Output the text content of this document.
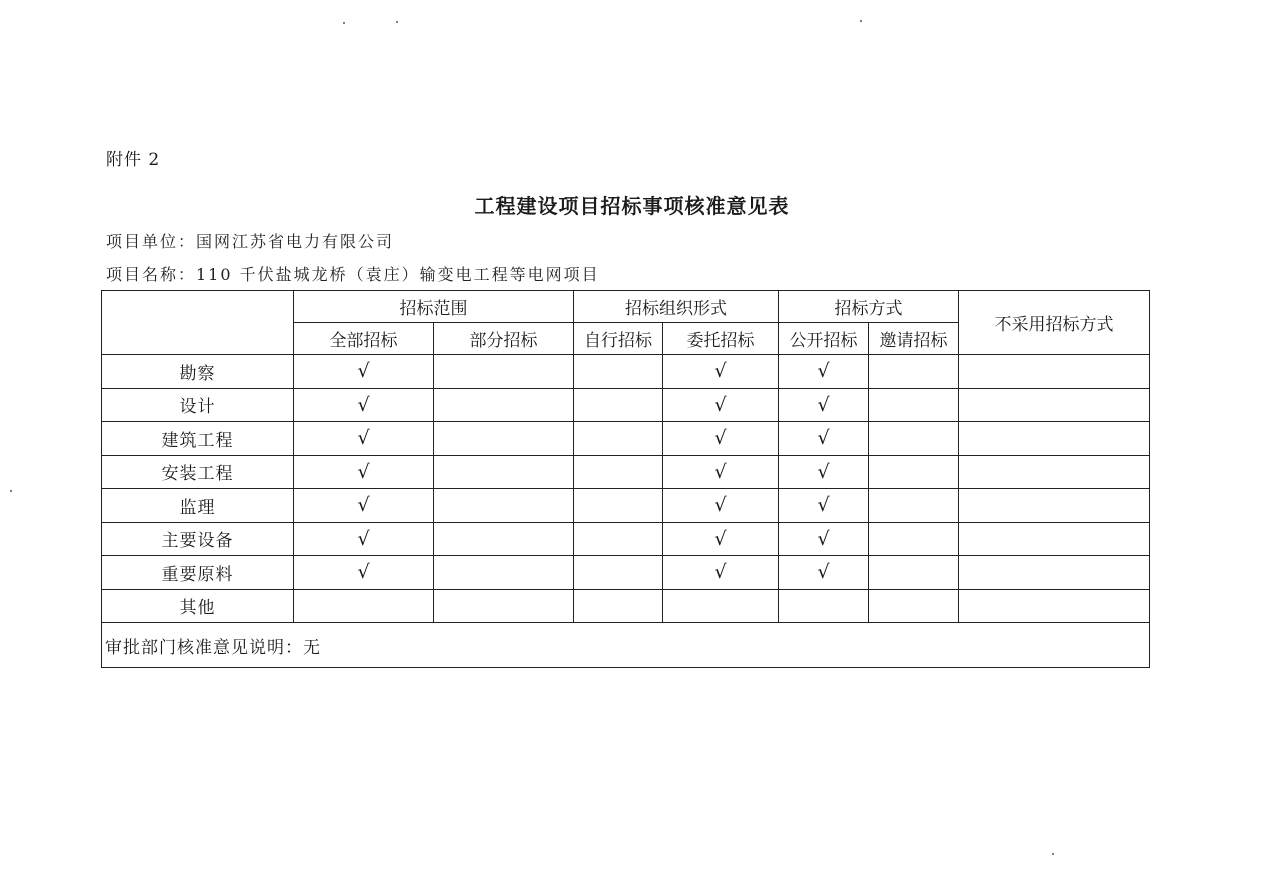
附件 2
工程建设项目招标事项核准意见表
项目单位：国网江苏省电力有限公司
项目名称：110 千伏盐城龙桥（袁庄）输变电工程等电网项目
	招标范围		招标组织形式		招标方式		不采用招标方式
	全部招标	部分招标	自行招标	委托招标	公开招标	邀请招标	
勘察	√			√	√		
设计	√			√	√		
建筑工程	√			√	√		
安装工程	√			√	√		
监理	√			√	√		
主要设备	√			√	√		
重要原料	√			√	√		
其他							
审批部门核准意见说明：无							
